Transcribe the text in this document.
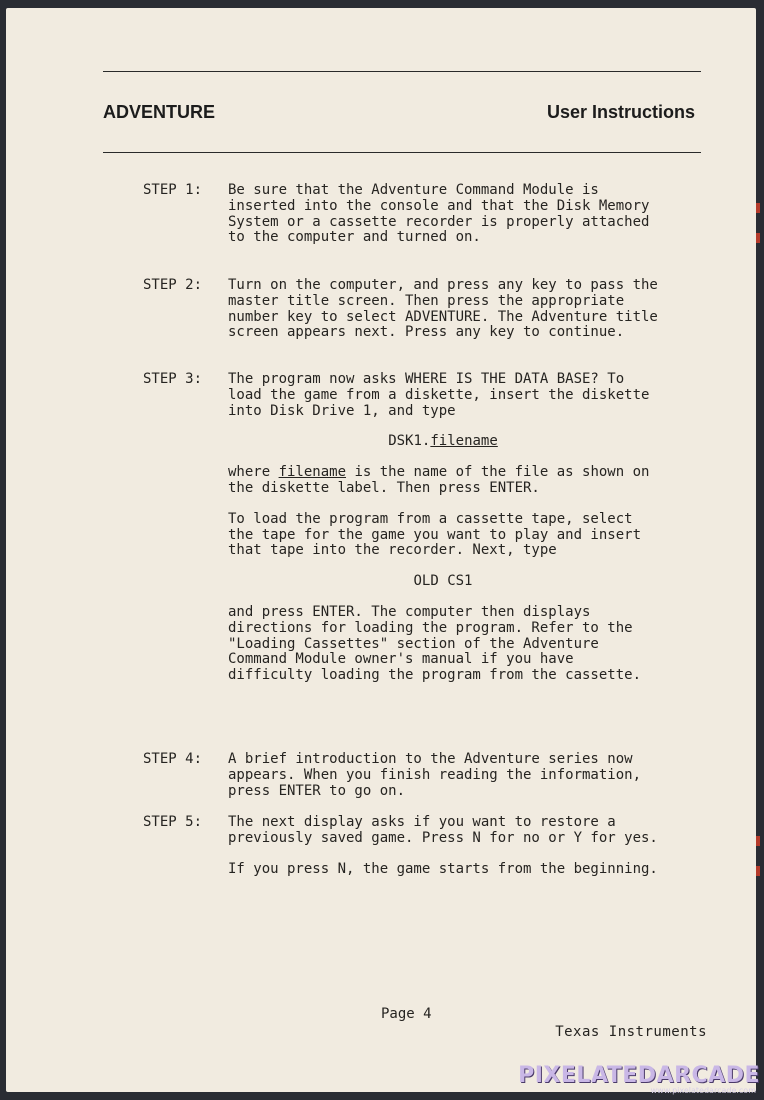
ADVENTURE	User Instructions
STEP 1:	Be sure that the Adventure Command Module is inserted into the console and that the Disk Memory System or a cassette recorder is properly attached to the computer and turned on.

STEP 2:	Turn on the computer, and press any key to pass the master title screen. Then press the appropriate number key to select ADVENTURE. The Adventure title screen appears next. Press any key to continue.

STEP 3:	The program now asks WHERE IS THE DATA BASE? To load the game from a diskette, insert the diskette into Disk Drive 1, and type

DSK1.filename

where filename is the name of the file as shown on the diskette label. Then press ENTER.

To load the program from a cassette tape, select the tape for the game you want to play and insert that tape into the recorder. Next, type

OLD CS1

and press ENTER. The computer then displays directions for loading the program. Refer to the "Loading Cassettes" section of the Adventure Command Module owner's manual if you have difficulty loading the program from the cassette.

STEP 4:	A brief introduction to the Adventure series now appears. When you finish reading the information, press ENTER to go on.

STEP 5:	The next display asks if you want to restore a previously saved game. Press N for no or Y for yes.

If you press N, the game starts from the beginning.

Page 4
Texas Instruments
PIXELATEDARCADE
www.pixelatedarcade.com
